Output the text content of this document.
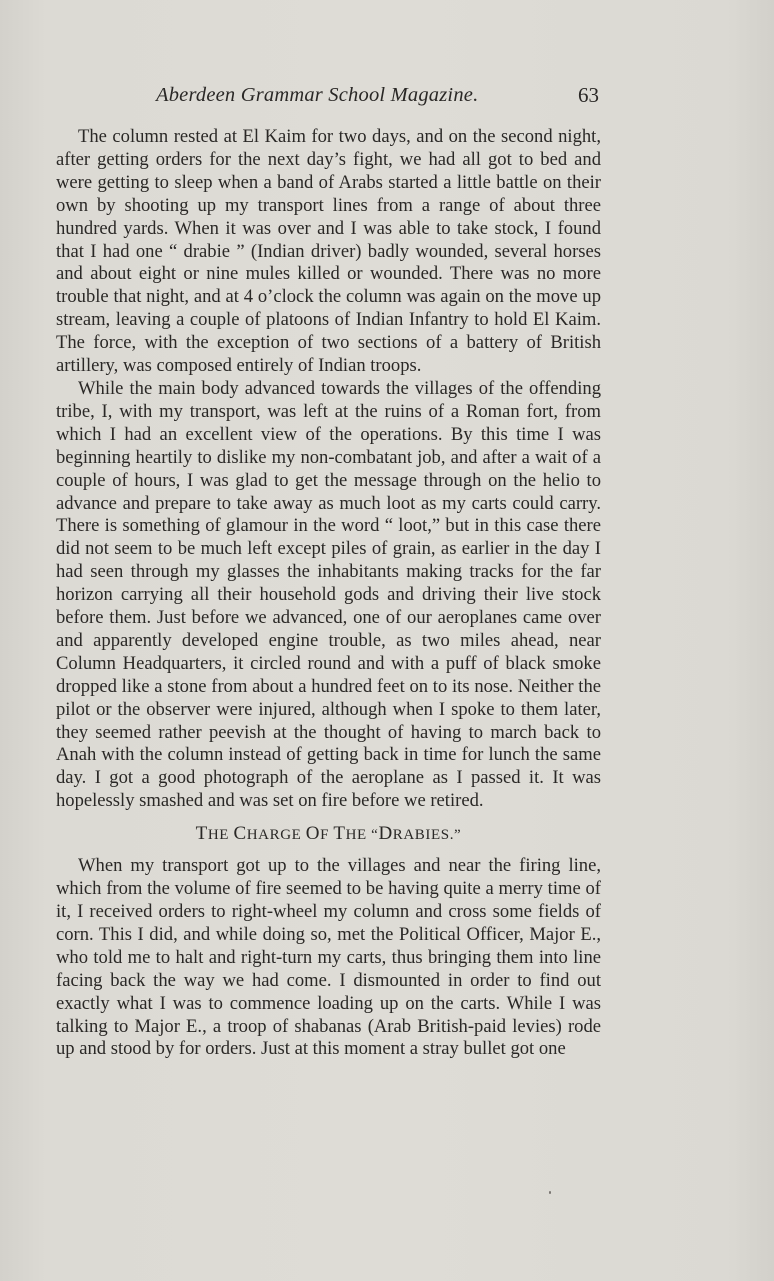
Aberdeen Grammar School Magazine.	63

The column rested at El Kaim for two days, and on the second night, after getting orders for the next day’s fight, we had all got to bed and were getting to sleep when a band of Arabs started a little battle on their own by shooting up my transport lines from a range of about three hundred yards. When it was over and I was able to take stock, I found that I had one “ drabie ” (Indian driver) badly wounded, several horses and about eight or nine mules killed or wounded. There was no more trouble that night, and at 4 o’clock the column was again on the move up stream, leaving a couple of platoons of Indian Infantry to hold El Kaim. The force, with the exception of two sections of a battery of British artillery, was composed entirely of Indian troops.

While the main body advanced towards the villages of the offending tribe, I, with my transport, was left at the ruins of a Roman fort, from which I had an excellent view of the operations. By this time I was beginning heartily to dislike my non-combatant job, and after a wait of a couple of hours, I was glad to get the message through on the helio to advance and prepare to take away as much loot as my carts could carry. There is something of glamour in the word “ loot,” but in this case there did not seem to be much left except piles of grain, as earlier in the day I had seen through my glasses the inhabitants making tracks for the far horizon carrying all their household gods and driving their live stock before them. Just before we advanced, one of our aeroplanes came over and apparently developed engine trouble, as two miles ahead, near Column Headquarters, it circled round and with a puff of black smoke dropped like a stone from about a hundred feet on to its nose. Neither the pilot or the observer were injured, although when I spoke to them later, they seemed rather peevish at the thought of having to march back to Anah with the column instead of getting back in time for lunch the same day. I got a good photograph of the aeroplane as I passed it. It was hopelessly smashed and was set on fire before we retired.

THE CHARGE OF THE “DRABIES.”

When my transport got up to the villages and near the firing line, which from the volume of fire seemed to be having quite a merry time of it, I received orders to right-wheel my column and cross some fields of corn. This I did, and while doing so, met the Political Officer, Major E., who told me to halt and right-turn my carts, thus bringing them into line facing back the way we had come. I dismounted in order to find out exactly what I was to commence loading up on the carts. While I was talking to Major E., a troop of shabanas (Arab British-paid levies) rode up and stood by for orders. Just at this moment a stray bullet got one
